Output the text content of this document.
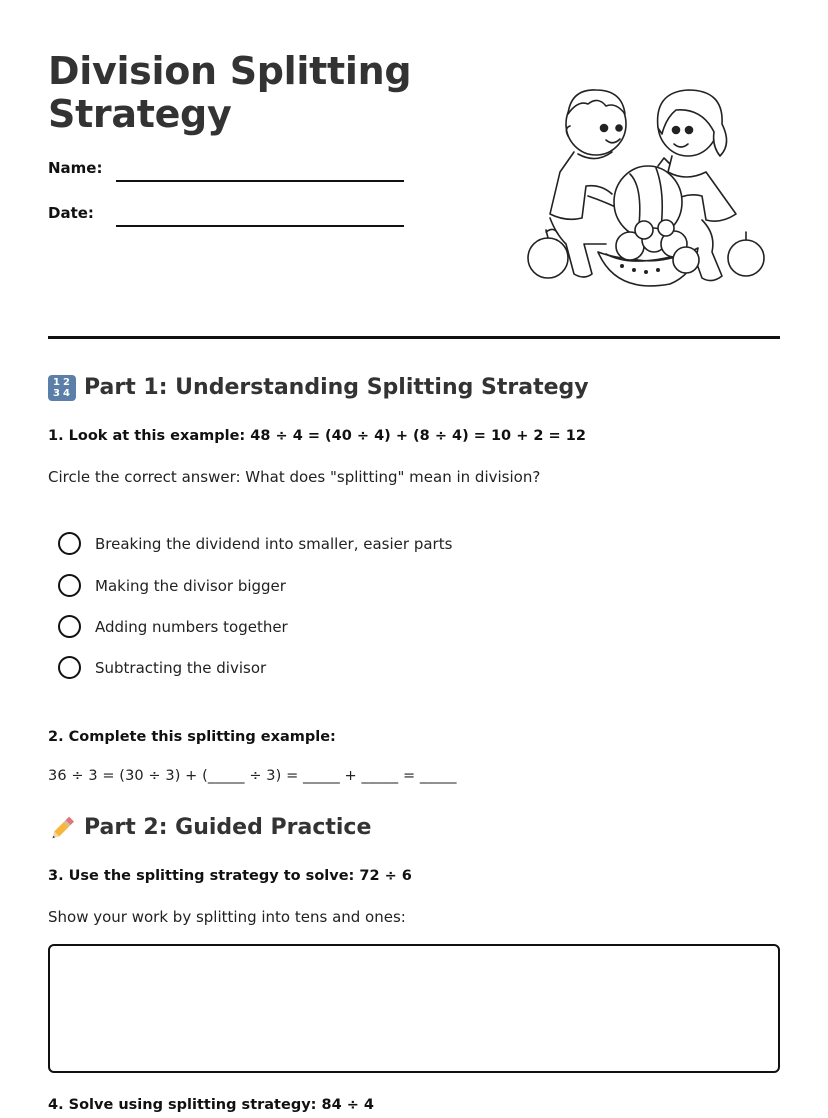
Division Splitting
Strategy
Name:
Date:
1 2
3 4 Part 1: Understanding Splitting Strategy
1. Look at this example: 48 ÷ 4 = (40 ÷ 4) + (8 ÷ 4) = 10 + 2 = 12
Circle the correct answer: What does "splitting" mean in division?
Breaking the dividend into smaller, easier parts
Making the divisor bigger
Adding numbers together
Subtracting the divisor
2. Complete this splitting example:
36 ÷ 3 = (30 ÷ 3) + (_____ ÷ 3) = _____ + _____ = _____
Part 2: Guided Practice
3. Use the splitting strategy to solve: 72 ÷ 6
Show your work by splitting into tens and ones:
4. Solve using splitting strategy: 84 ÷ 4
